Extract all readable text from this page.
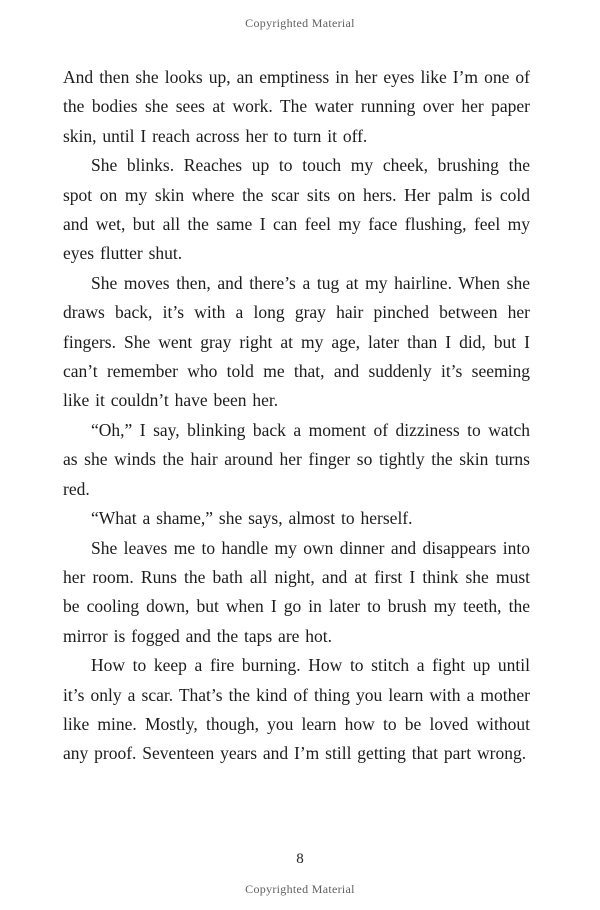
Copyrighted Material

And then she looks up, an emptiness in her eyes like I’m one of the bodies she sees at work. The water running over her paper skin, until I reach across her to turn it off.

She blinks. Reaches up to touch my cheek, brushing the spot on my skin where the scar sits on hers. Her palm is cold and wet, but all the same I can feel my face flushing, feel my eyes flutter shut.

She moves then, and there’s a tug at my hairline. When she draws back, it’s with a long gray hair pinched between her fingers. She went gray right at my age, later than I did, but I can’t remember who told me that, and suddenly it’s seeming like it couldn’t have been her.

“Oh,” I say, blinking back a moment of dizziness to watch as she winds the hair around her finger so tightly the skin turns red.

“What a shame,” she says, almost to herself.

She leaves me to handle my own dinner and disappears into her room. Runs the bath all night, and at first I think she must be cooling down, but when I go in later to brush my teeth, the mirror is fogged and the taps are hot.

How to keep a fire burning. How to stitch a fight up until it’s only a scar. That’s the kind of thing you learn with a mother like mine. Mostly, though, you learn how to be loved without any proof. Seventeen years and I’m still getting that part wrong.

8
Copyrighted Material
